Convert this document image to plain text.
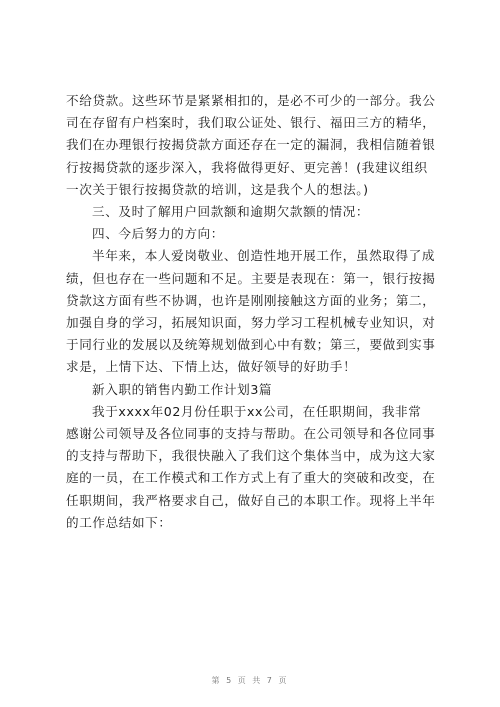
不给贷款。这些环节是紧紧相扣的，是必不可少的一部分。我公

司在存留有户档案时，我们取公证处、银行、福田三方的精华，

我们在办理银行按揭贷款方面还存在一定的漏洞，我相信随着银

行按揭贷款的逐步深入，我将做得更好、更完善！(我建议组织

一次关于银行按揭贷款的培训，这是我个人的想法。)

三、及时了解用户回款额和逾期欠款额的情况：

四、今后努力的方向：

半年来，本人爱岗敬业、创造性地开展工作，虽然取得了成

绩，但也存在一些问题和不足。主要是表现在：第一，银行按揭

贷款这方面有些不协调，也许是刚刚接触这方面的业务；第二，

加强自身的学习，拓展知识面，努力学习工程机械专业知识，对

于同行业的发展以及统筹规划做到心中有数；第三，要做到实事

求是，上情下达、下情上达，做好领导的好助手！

新入职的销售内勤工作计划3篇

我于xxxx年02月份任职于xx公司，在任职期间，我非常

感谢公司领导及各位同事的支持与帮助。在公司领导和各位同事

的支持与帮助下，我很快融入了我们这个集体当中，成为这大家

庭的一员，在工作模式和工作方式上有了重大的突破和改变，在

任职期间，我严格要求自己，做好自己的本职工作。现将上半年

的工作总结如下：

第 5 页 共 7 页
